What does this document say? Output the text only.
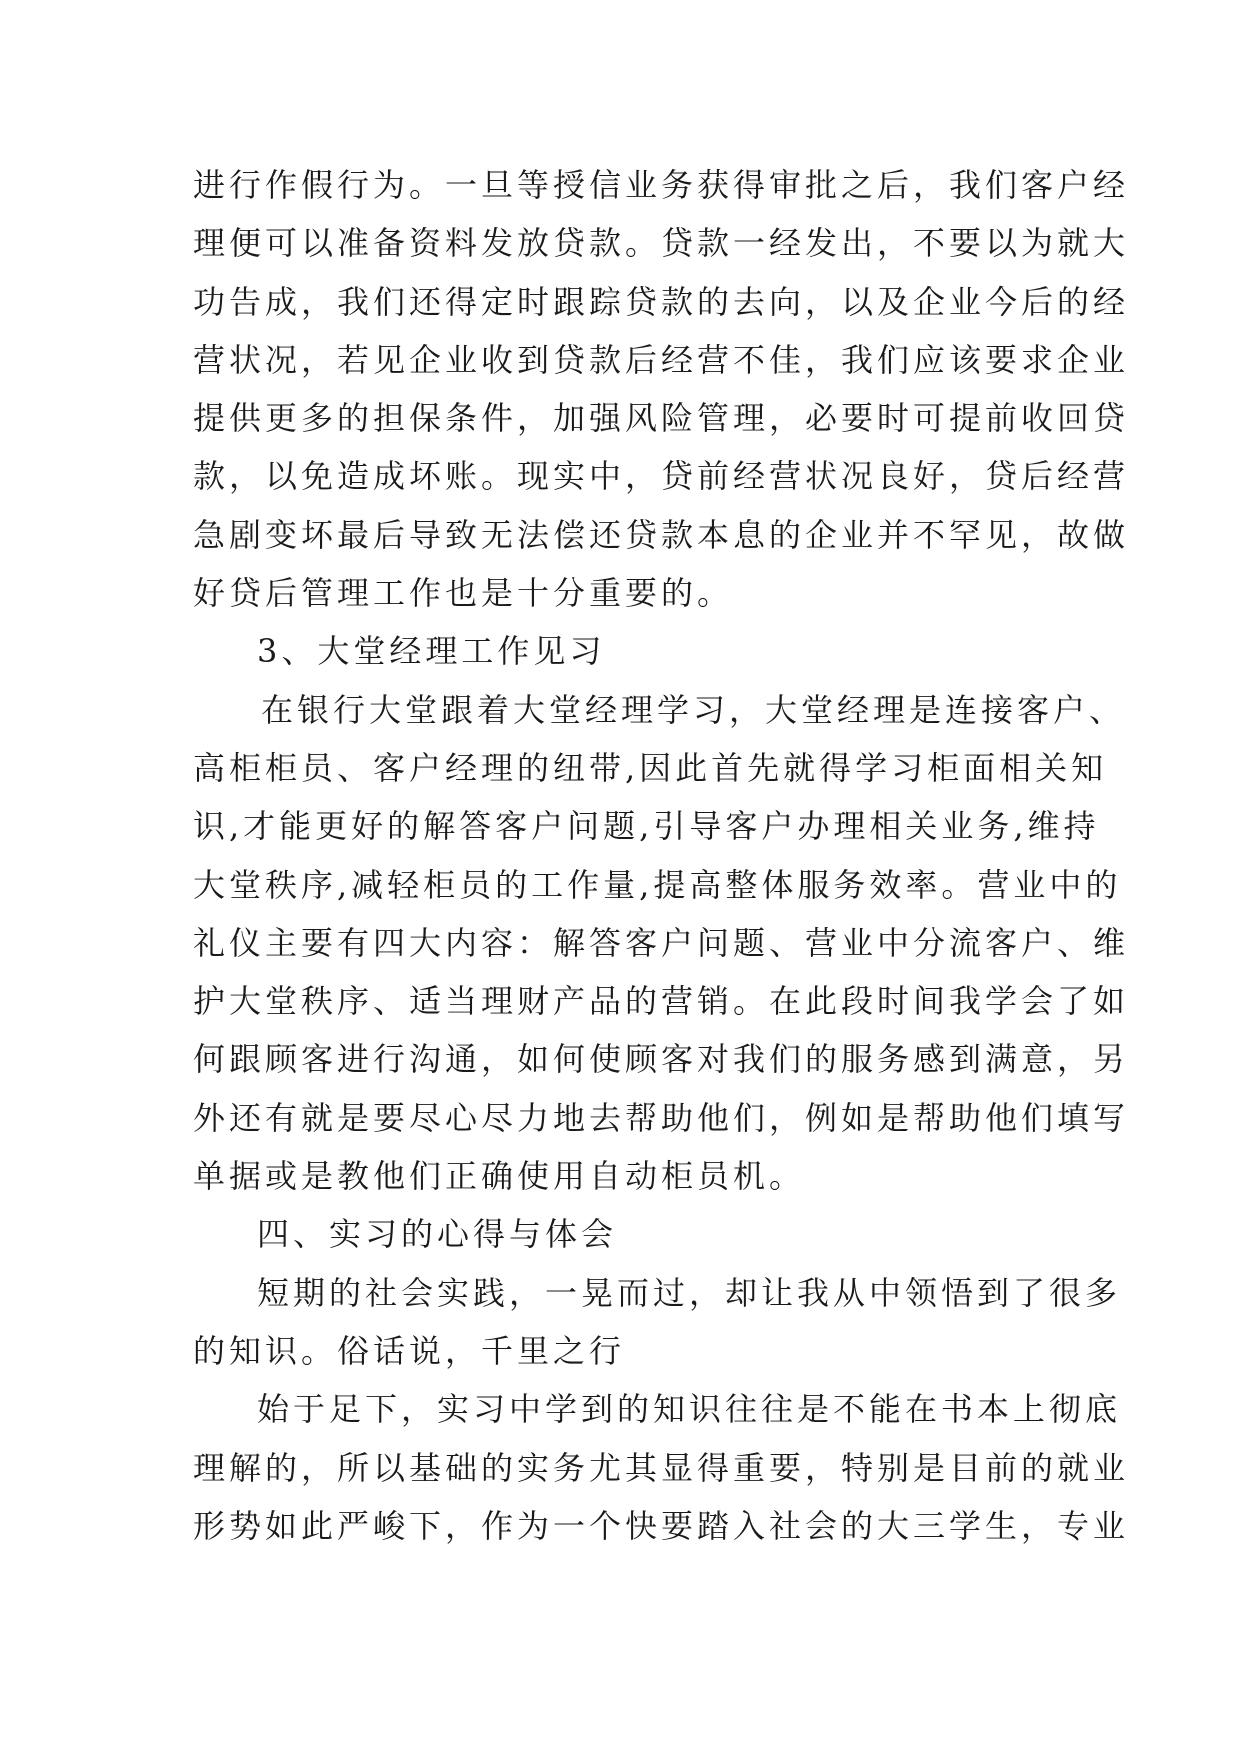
进行作假行为。一旦等授信业务获得审批之后，我们客户经

理便可以准备资料发放贷款。贷款一经发出，不要以为就大

功告成，我们还得定时跟踪贷款的去向，以及企业今后的经

营状况，若见企业收到贷款后经营不佳，我们应该要求企业

提供更多的担保条件，加强风险管理，必要时可提前收回贷

款，以免造成坏账。现实中，贷前经营状况良好，贷后经营

急剧变坏最后导致无法偿还贷款本息的企业并不罕见，故做

好贷后管理工作也是十分重要的。

3、大堂经理工作见习

在银行大堂跟着大堂经理学习，大堂经理是连接客户、

高柜柜员、客户经理的纽带,因此首先就得学习柜面相关知

识,才能更好的解答客户问题,引导客户办理相关业务,维持

大堂秩序,减轻柜员的工作量,提高整体服务效率。营业中的

礼仪主要有四大内容：解答客户问题、营业中分流客户、维

护大堂秩序、适当理财产品的营销。在此段时间我学会了如

何跟顾客进行沟通，如何使顾客对我们的服务感到满意，另

外还有就是要尽心尽力地去帮助他们，例如是帮助他们填写

单据或是教他们正确使用自动柜员机。

四、实习的心得与体会

短期的社会实践，一晃而过，却让我从中领悟到了很多

的知识。俗话说，千里之行

始于足下，实习中学到的知识往往是不能在书本上彻底

理解的，所以基础的实务尤其显得重要，特别是目前的就业

形势如此严峻下，作为一个快要踏入社会的大三学生，专业
